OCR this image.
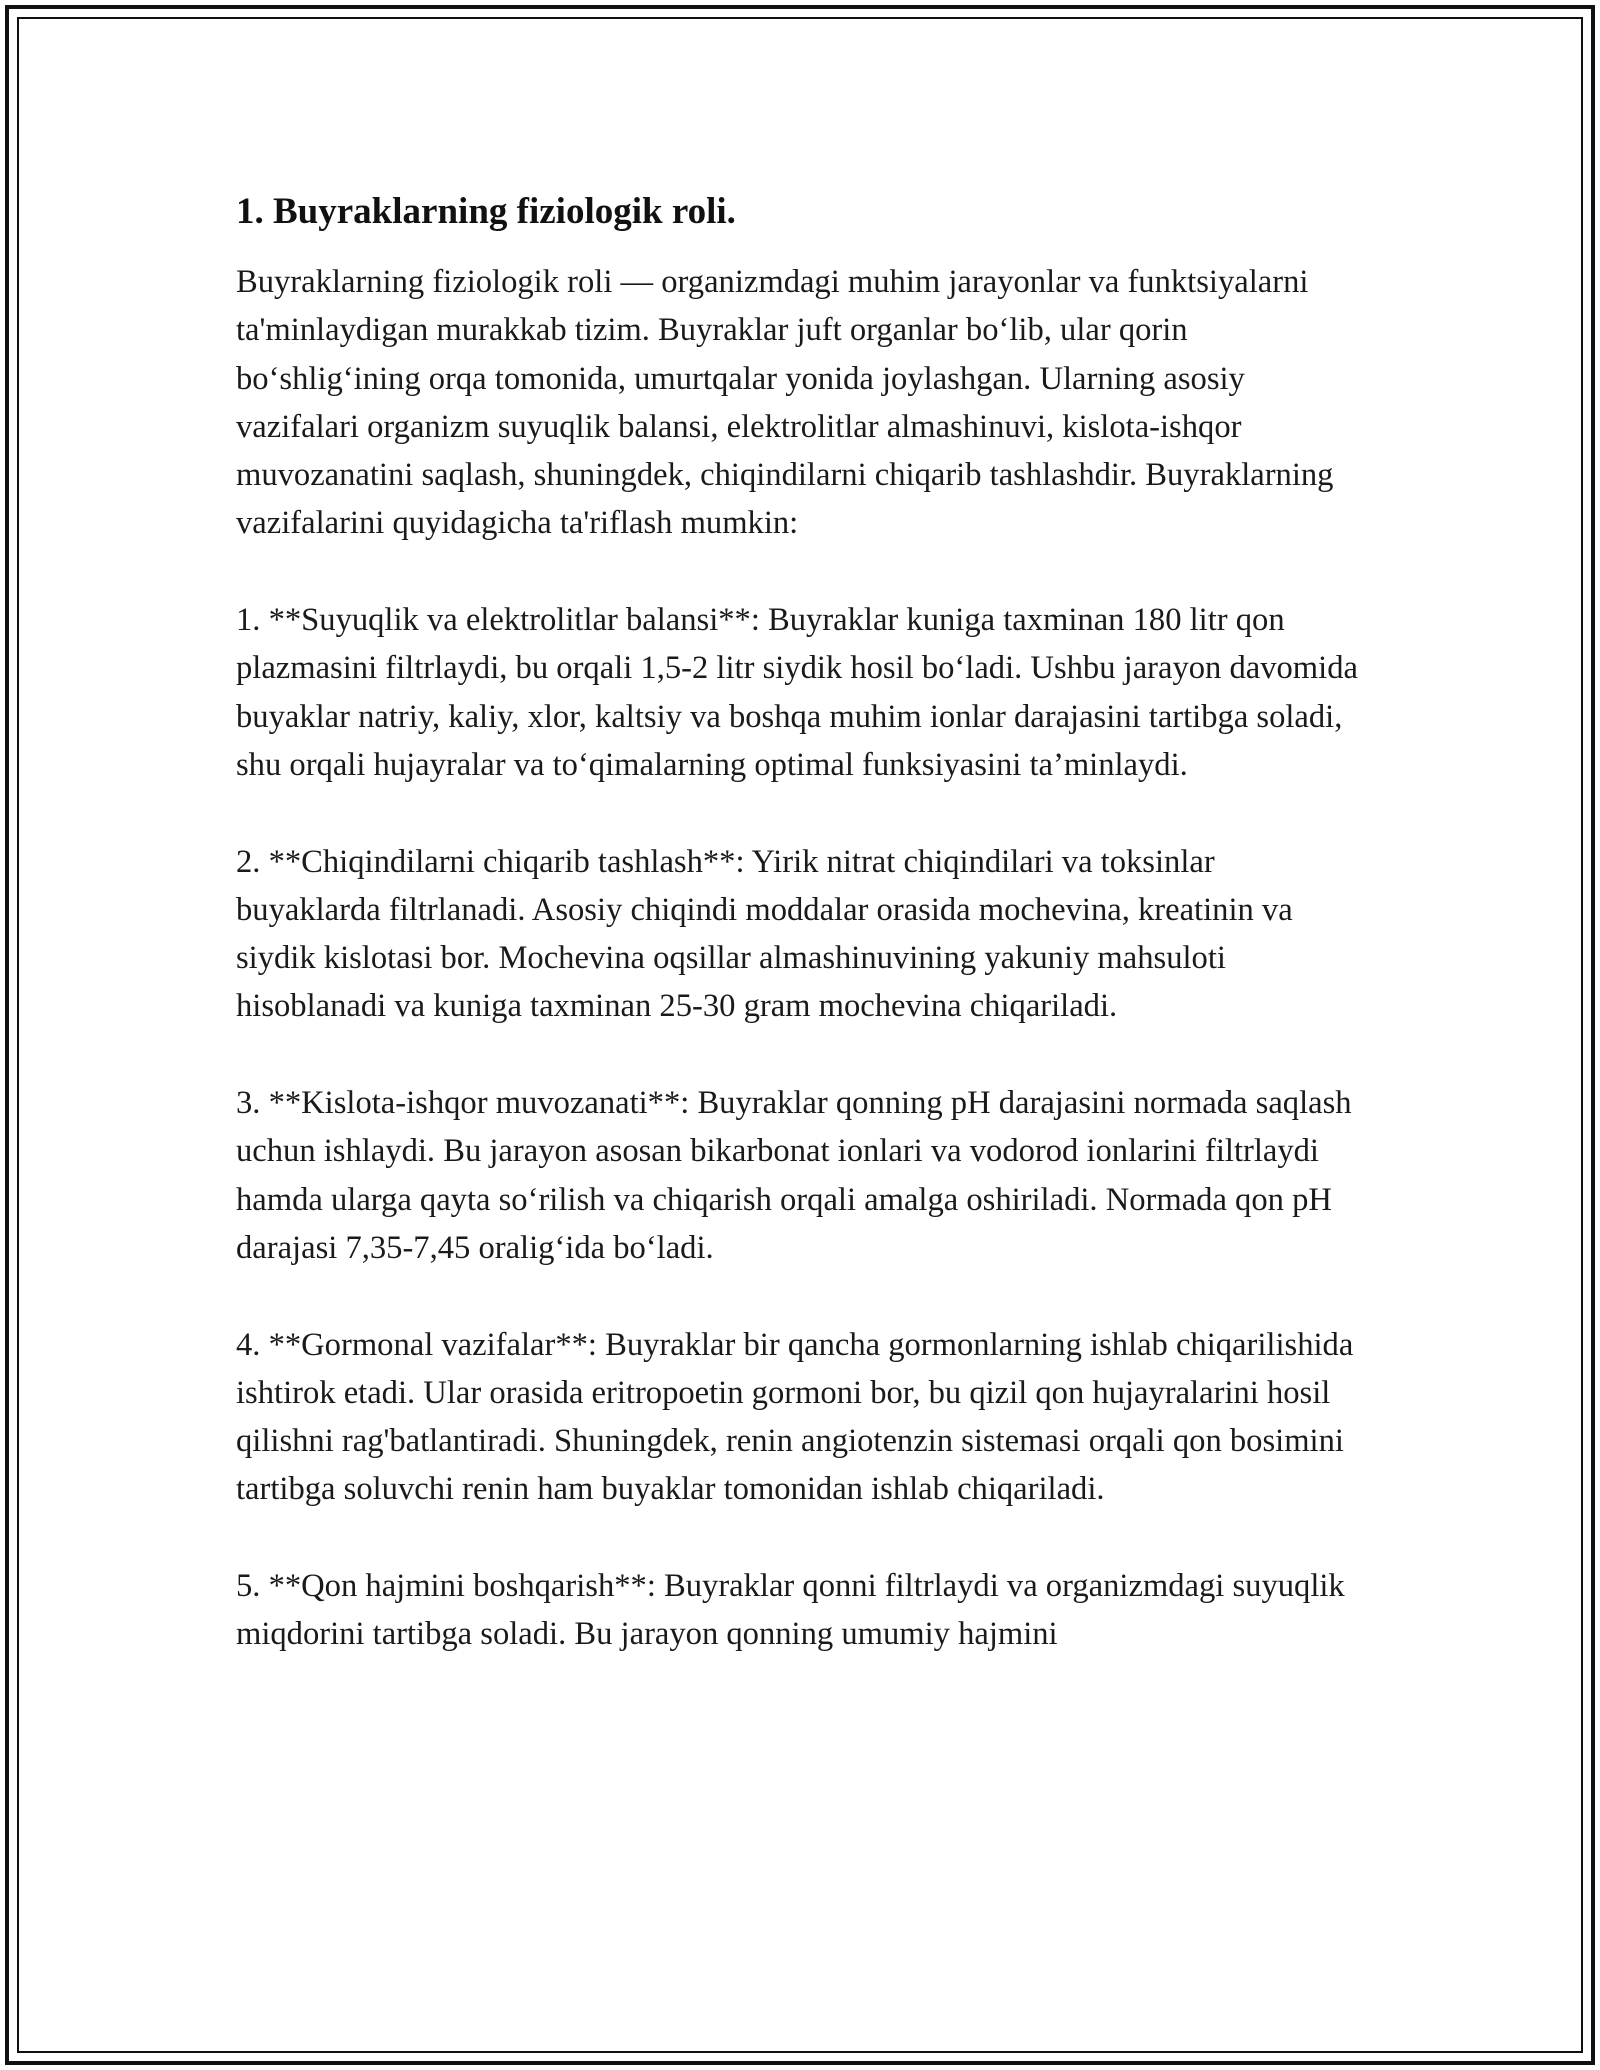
1. Buyraklarning fiziologik roli.

Buyraklarning fiziologik roli — organizmdagi muhim jarayonlar va funktsiyalarni ta'minlaydigan murakkab tizim. Buyraklar juft organlar bo‘lib, ular qorin bo‘shlig‘ining orqa tomonida, umurtqalar yonida joylashgan. Ularning asosiy vazifalari organizm suyuqlik balansi, elektrolitlar almashinuvi, kislota-ishqor muvozanatini saqlash, shuningdek, chiqindilarni chiqarib tashlashdir. Buyraklarning vazifalarini quyidagicha ta'riflash mumkin:

1. **Suyuqlik va elektrolitlar balansi**: Buyraklar kuniga taxminan 180 litr qon plazmasini filtrlaydi, bu orqali 1,5-2 litr siydik hosil bo‘ladi. Ushbu jarayon davomida buyaklar natriy, kaliy, xlor, kaltsiy va boshqa muhim ionlar darajasini tartibga soladi, shu orqali hujayralar va to‘qimalarning optimal funksiyasini ta’minlaydi.

2. **Chiqindilarni chiqarib tashlash**: Yirik nitrat chiqindilari va toksinlar buyaklarda filtrlanadi. Asosiy chiqindi moddalar orasida mochevina, kreatinin va siydik kislotasi bor. Mochevina oqsillar almashinuvining yakuniy mahsuloti hisoblanadi va kuniga taxminan 25-30 gram mochevina chiqariladi.

3. **Kislota-ishqor muvozanati**: Buyraklar qonning pH darajasini normada saqlash uchun ishlaydi. Bu jarayon asosan bikarbonat ionlari va vodorod ionlarini filtrlaydi hamda ularga qayta so‘rilish va chiqarish orqali amalga oshiriladi. Normada qon pH darajasi 7,35-7,45 oralig‘ida bo‘ladi.

4. **Gormonal vazifalar**: Buyraklar bir qancha gormonlarning ishlab chiqarilishida ishtirok etadi. Ular orasida eritropoetin gormoni bor, bu qizil qon hujayralarini hosil qilishni rag'batlantiradi. Shuningdek, renin angiotenzin sistemasi orqali qon bosimini tartibga soluvchi renin ham buyaklar tomonidan ishlab chiqariladi.

5. **Qon hajmini boshqarish**: Buyraklar qonni filtrlaydi va organizmdagi suyuqlik miqdorini tartibga soladi. Bu jarayon qonning umumiy hajmini
